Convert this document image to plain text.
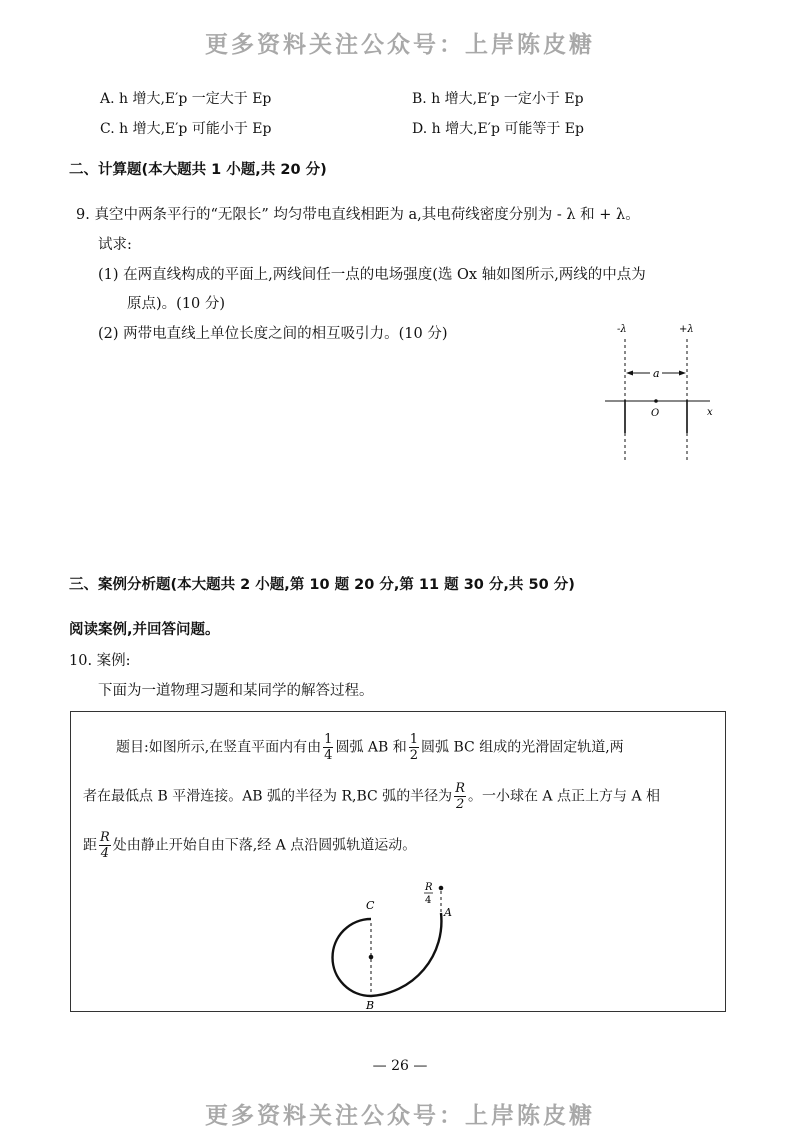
更多资料关注公众号：上岸陈皮糖
A. h 增大,E′p 一定大于 Ep	B. h 增大,E′p 一定小于 Ep
C. h 增大,E′p 可能小于 Ep	D. h 增大,E′p 可能等于 Ep
二、计算题(本大题共 1 小题,共 20 分)
9. 真空中两条平行的“无限长” 均匀带电直线相距为 a,其电荷线密度分别为 - λ 和 + λ。
试求:
(1) 在两直线构成的平面上,两线间任一点的电场强度(选 Ox 轴如图所示,两线的中点为
原点)。(10 分)
(2) 两带电直线上单位长度之间的相互吸引力。(10 分)	-λ	+λ
a
O	x
三、案例分析题(本大题共 2 小题,第 10 题 20 分,第 11 题 30 分,共 50 分)
阅读案例,并回答问题。
10. 案例:
下面为一道物理习题和某同学的解答过程。
题目:如图所示,在竖直平面内有由 $\frac{1}{4}$ 圆弧 AB 和 $\frac{1}{2}$ 圆弧 BC 组成的光滑固定轨道,两
者在最低点 B 平滑连接。AB 弧的半径为 R,BC 弧的半径为 $\frac{R}{2}$ 。一小球在 A 点正上方与 A 相
距 $\frac{R}{4}$ 处由静止开始自由下落,经 A 点沿圆弧轨道运动。
R
4
C
A
B
— 26 —
更多资料关注公众号：上岸陈皮糖
